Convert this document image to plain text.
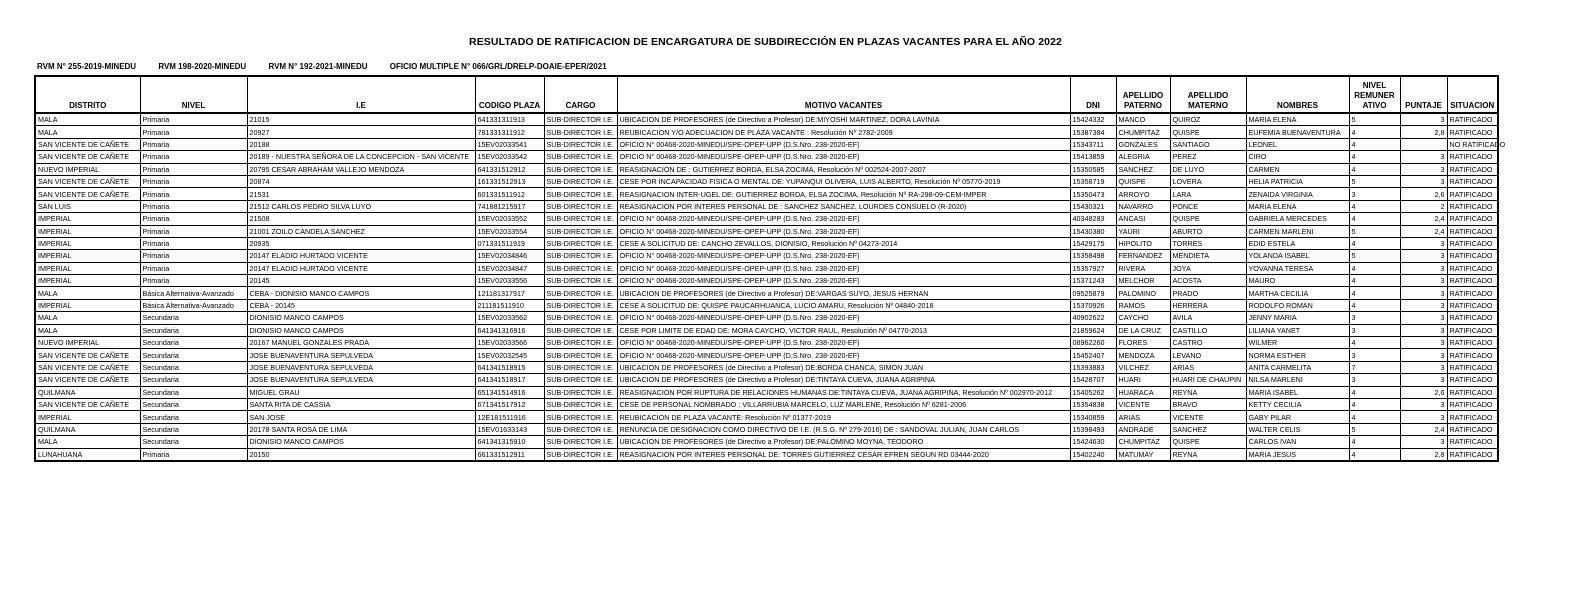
RESULTADO DE RATIFICACION DE ENCARGATURA DE SUBDIRECCIÓN EN PLAZAS VACANTES PARA EL AÑO 2022
RVM N° 255-2019-MINEDU	RVM 198-2020-MINEDU	RVM N° 192-2021-MINEDU	OFICIO MULTIPLE N° 066/GRL/DRELP-DOAIE-EPER/2021
DISTRITO	NIVEL	I.E	CODIGO PLAZA	CARGO	MOTIVO VACANTES	DNI	APELLIDO
PATERNO	APELLIDO
MATERNO	NOMBRES	NIVEL
REMUNER
ATIVO	PUNTAJE	SITUACION
MALA	Primaria	21015	641331311913	SUB-DIRECTOR I.E.	UBICACION DE PROFESORES (de Directivo a Profesor) DE:MIYOSHI MARTINEZ, DORA LAVINIA	15424332	MANCO	QUIROZ	MARIA ELENA	5	3	RATIFICADO
MALA	Primaria	20927	781331311912	SUB-DIRECTOR I.E.	REUBICACION Y/O ADECUACION DE PLAZA VACANTE : Resolución Nº 2782-2009	15387384	CHUMPITAZ	QUISPE	EUFEMIA BUENAVENTURA	4	2,8	RATIFICADO
SAN VICENTE DE CAÑETE	Primaria	20188	15EV02033541	SUB-DIRECTOR I.E.	OFICIO N° 00468-2020-MINEDU/SPE-OPEP-UPP (D.S.Nro. 238-2020-EF)	15343711	GONZALES	SANTIAGO	LEONEL	4		NO RATIFICADO
SAN VICENTE DE CAÑETE	Primaria	20189 - NUESTRA SEÑORA DE LA CONCEPCION - SAN VICENTE	15EV02033542	SUB-DIRECTOR I.E.	OFICIO N° 00468-2020-MINEDU/SPE-OPEP-UPP (D.S.Nro. 238-2020-EF)	15413859	ALEGRIA	PEREZ	CIRO	4	3	RATIFICADO
NUEVO IMPERIAL	Primaria	20795 CESAR ABRAHAM VALLEJO MENDOZA	641331512912	SUB-DIRECTOR I.E.	REASIGNACION DE : GUTIERREZ BORDA, ELSA ZOCIMA, Resolución Nº 002524-2007-2007	15350585	SANCHEZ	DE LUYO	CARMEN	4	3	RATIFICADO
SAN VICENTE DE CAÑETE	Primaria	20874	161331512913	SUB-DIRECTOR I.E.	CESE POR INCAPACIDAD FISICA O MENTAL DE: YUPANQUI OLIVERA, LUIS ALBERTO, Resolución Nº 05770-2019	15358719	QUISPE	LOVERA	HELIA PATRICIA	5	3	RATIFICADO
SAN VICENTE DE CAÑETE	Primaria	21531	601331511912	SUB-DIRECTOR I.E.	REASIGNACION INTER-UGEL DE: GUTIERREZ BORDA, ELSA ZOCIMA, Resolución Nº RA-298-09-CEM-IMPER	15350473	ARROYO	LARA	ZENAIDA VIRGINIA	3	2,6	RATIFICADO
SAN LUIS	Primaria	21512 CARLOS PEDRO SILVA LUYO	741881215917	SUB-DIRECTOR I.E.	REASIGNACION POR INTERES PERSONAL DE : SANCHEZ SANCHEZ, LOURDES CONSUELO (R-2020)	15430321	NAVARRO	PONCE	MARIA ELENA	4	2	RATIFICADO
IMPERIAL	Primaria	21508	15EV02033552	SUB-DIRECTOR I.E.	OFICIO N° 00468-2020-MINEDU/SPE-OPEP-UPP (D.S.Nro. 238-2020-EF)	40348283	ANCASI	QUISPE	GABRIELA MERCEDES	4	2,4	RATIFICADO
IMPERIAL	Primaria	21001 ZOILO CANDELA SANCHEZ	15EV02033554	SUB-DIRECTOR I.E.	OFICIO N° 00468-2020-MINEDU/SPE-OPEP-UPP (D.S.Nro. 238-2020-EF)	15430380	YAURI	ABURTO	CARMEN MARLENI	5	2,4	RATIFICADO
IMPERIAL	Primaria	20935	071331511919	SUB-DIRECTOR I.E.	CESE A SOLICITUD DE: CANCHO ZEVALLOS, DIONISIO, Resolución Nº 04273-2014	15429175	HIPOLITO	TORRES	EDID ESTELA	4	3	RATIFICADO
IMPERIAL	Primaria	20147 ELADIO HURTADO VICENTE	15EV02034846	SUB-DIRECTOR I.E.	OFICIO N° 00468-2020-MINEDU/SPE-OPEP-UPP (D.S.Nro. 238-2020-EF)	15358498	FERNANDEZ	MENDIETA	YOLANDA ISABEL	5	3	RATIFICADO
IMPERIAL	Primaria	20147 ELADIO HURTADO VICENTE	15EV02034847	SUB-DIRECTOR I.E.	OFICIO N° 00468-2020-MINEDU/SPE-OPEP-UPP (D.S.Nro. 238-2020-EF)	15357927	RIVERA	JOYA	YOVANNA TERESA	4	3	RATIFICADO
IMPERIAL	Primaria	20145	15EV02033556	SUB-DIRECTOR I.E.	OFICIO N° 00468-2020-MINEDU/SPE-OPEP-UPP (D.S.Nro. 238-2020-EF)	15371243	MELCHOR	ACOSTA	MAURO	4	3	RATIFICADO
MALA	Básica Alternativa-Avanzado	CEBA - DIONISIO MANCO CAMPOS	121181317917	SUB-DIRECTOR I.E.	UBICACION DE PROFESORES (de Directivo a Profesor) DE:VARGAS SUYO, JESUS HERNAN	09525879	PALOMINO	PRADO	MARTHA CECILIA	4	3	RATIFICADO
IMPERIAL	Básica Alternativa-Avanzado	CEBA - 20145	211181511910	SUB-DIRECTOR I.E.	CESE A SOLICITUD DE: QUISPE PAUCARHUANCA, LUCIO AMARU, Resolución Nº 04840-2018	15370926	RAMOS	HERRERA	RODOLFO ROMAN	4	3	RATIFICADO
MALA	Secundaria	DIONISIO MANCO CAMPOS	15EV02033562	SUB-DIRECTOR I.E.	OFICIO N° 00468-2020-MINEDU/SPE-OPEP-UPP (D.S.Nro. 238-2020-EF)	40902622	CAYCHO	AVILA	JENNY MARIA	3	3	RATIFICADO
MALA	Secundaria	DIONISIO MANCO CAMPOS	641341316916	SUB-DIRECTOR I.E.	CESE POR LIMITE DE EDAD DE: MORA CAYCHO, VICTOR RAUL, Resolución Nº 04770-2013	21859624	DE LA CRUZ	CASTILLO	LILIANA YANET	3	3	RATIFICADO
NUEVO IMPERIAL	Secundaria	20167 MANUEL GONZALES PRADA	15EV02033566	SUB-DIRECTOR I.E.	OFICIO N° 00468-2020-MINEDU/SPE-OPEP-UPP (D.S.Nro. 238-2020-EF)	08962260	FLORES	CASTRO	WILMER	4	3	RATIFICADO
SAN VICENTE DE CAÑETE	Secundaria	JOSE BUENAVENTURA SEPULVEDA	15EV02032545	SUB-DIRECTOR I.E.	OFICIO N° 00468-2020-MINEDU/SPE-OPEP-UPP (D.S.Nro. 238-2020-EF)	15452407	MENDOZA	LEVANO	NORMA ESTHER	3	3	RATIFICADO
SAN VICENTE DE CAÑETE	Secundaria	JOSE BUENAVENTURA SEPULVEDA	641341518915	SUB-DIRECTOR I.E.	UBICACION DE PROFESORES (de Directivo a Profesor) DE:BORDA CHANCA, SIMON JUAN	15393883	VILCHEZ	ARIAS	ANITA CARMELITA	7	3	RATIFICADO
SAN VICENTE DE CAÑETE	Secundaria	JOSE BUENAVENTURA SEPULVEDA	641341518917	SUB-DIRECTOR I.E.	UBICACION DE PROFESORES (de Directivo a Profesor) DE:TINTAYA CUEVA, JUANA AGRIPINA	15428707	HUARI	HUARI DE CHAUPIN	NILSA MARLENI	3	3	RATIFICADO
QUILMANA	Secundaria	MIGUEL GRAU	651341514916	SUB-DIRECTOR I.E.	REASIGNACION POR RUPTURA DE RELACIONES HUMANAS DE:TINTAYA CUEVA, JUANA AGRIPINA, Resolución Nº 002970-2012	15405262	HUARACA	REYNA	MARIA ISABEL	4	2,6	RATIFICADO
SAN VICENTE DE CAÑETE	Secundaria	SANTA RITA DE CASSIA	671341517912	SUB-DIRECTOR I.E.	CESE DE PERSONAL NOMBRADO : VILLARRUBIA MARCELO, LUZ MARLENE, Resolución Nº 6281-2006	15354838	VICENTE	BRAVO	KETTY CECILIA	4	3	RATIFICADO
IMPERIAL	Secundaria	SAN JOSE	12E181511916	SUB-DIRECTOR I.E.	REUBICACION DE PLAZA VACANTE: Resolución Nº 01377-2019	15340859	ARIAS	VICENTE	GABY PILAR	4	3	RATIFICADO
QUILMANA	Secundaria	20178 SANTA ROSA DE LIMA	15EV01633143	SUB-DIRECTOR I.E.	RENUNCIA DE DESIGNACION COMO DIRECTIVO DE I.E. (R.S.G. Nº 279-2016) DE : SANDOVAL JULIAN, JUAN CARLOS	15398493	ANDRADE	SANCHEZ	WALTER CELIS	5	2,4	RATIFICADO
MALA	Secundaria	DIONISIO MANCO CAMPOS	641341315910	SUB-DIRECTOR I.E.	UBICACION DE PROFESORES (de Directivo a Profesor) DE:PALOMINO MOYNA, TEODORO	15424630	CHUMPITAZ	QUISPE	CARLOS IVAN	4	3	RATIFICADO
LUNAHUANA	Primaria	20150	661331512911	SUB-DIRECTOR I.E.	REASIGNACION POR INTERES PERSONAL DE: TORRES GUTIERREZ CESAR EFREN SEGUN RD 03444-2020	15402240	MATUMAY	REYNA	MARIA JESUS	4	2,8	RATIFICADO
